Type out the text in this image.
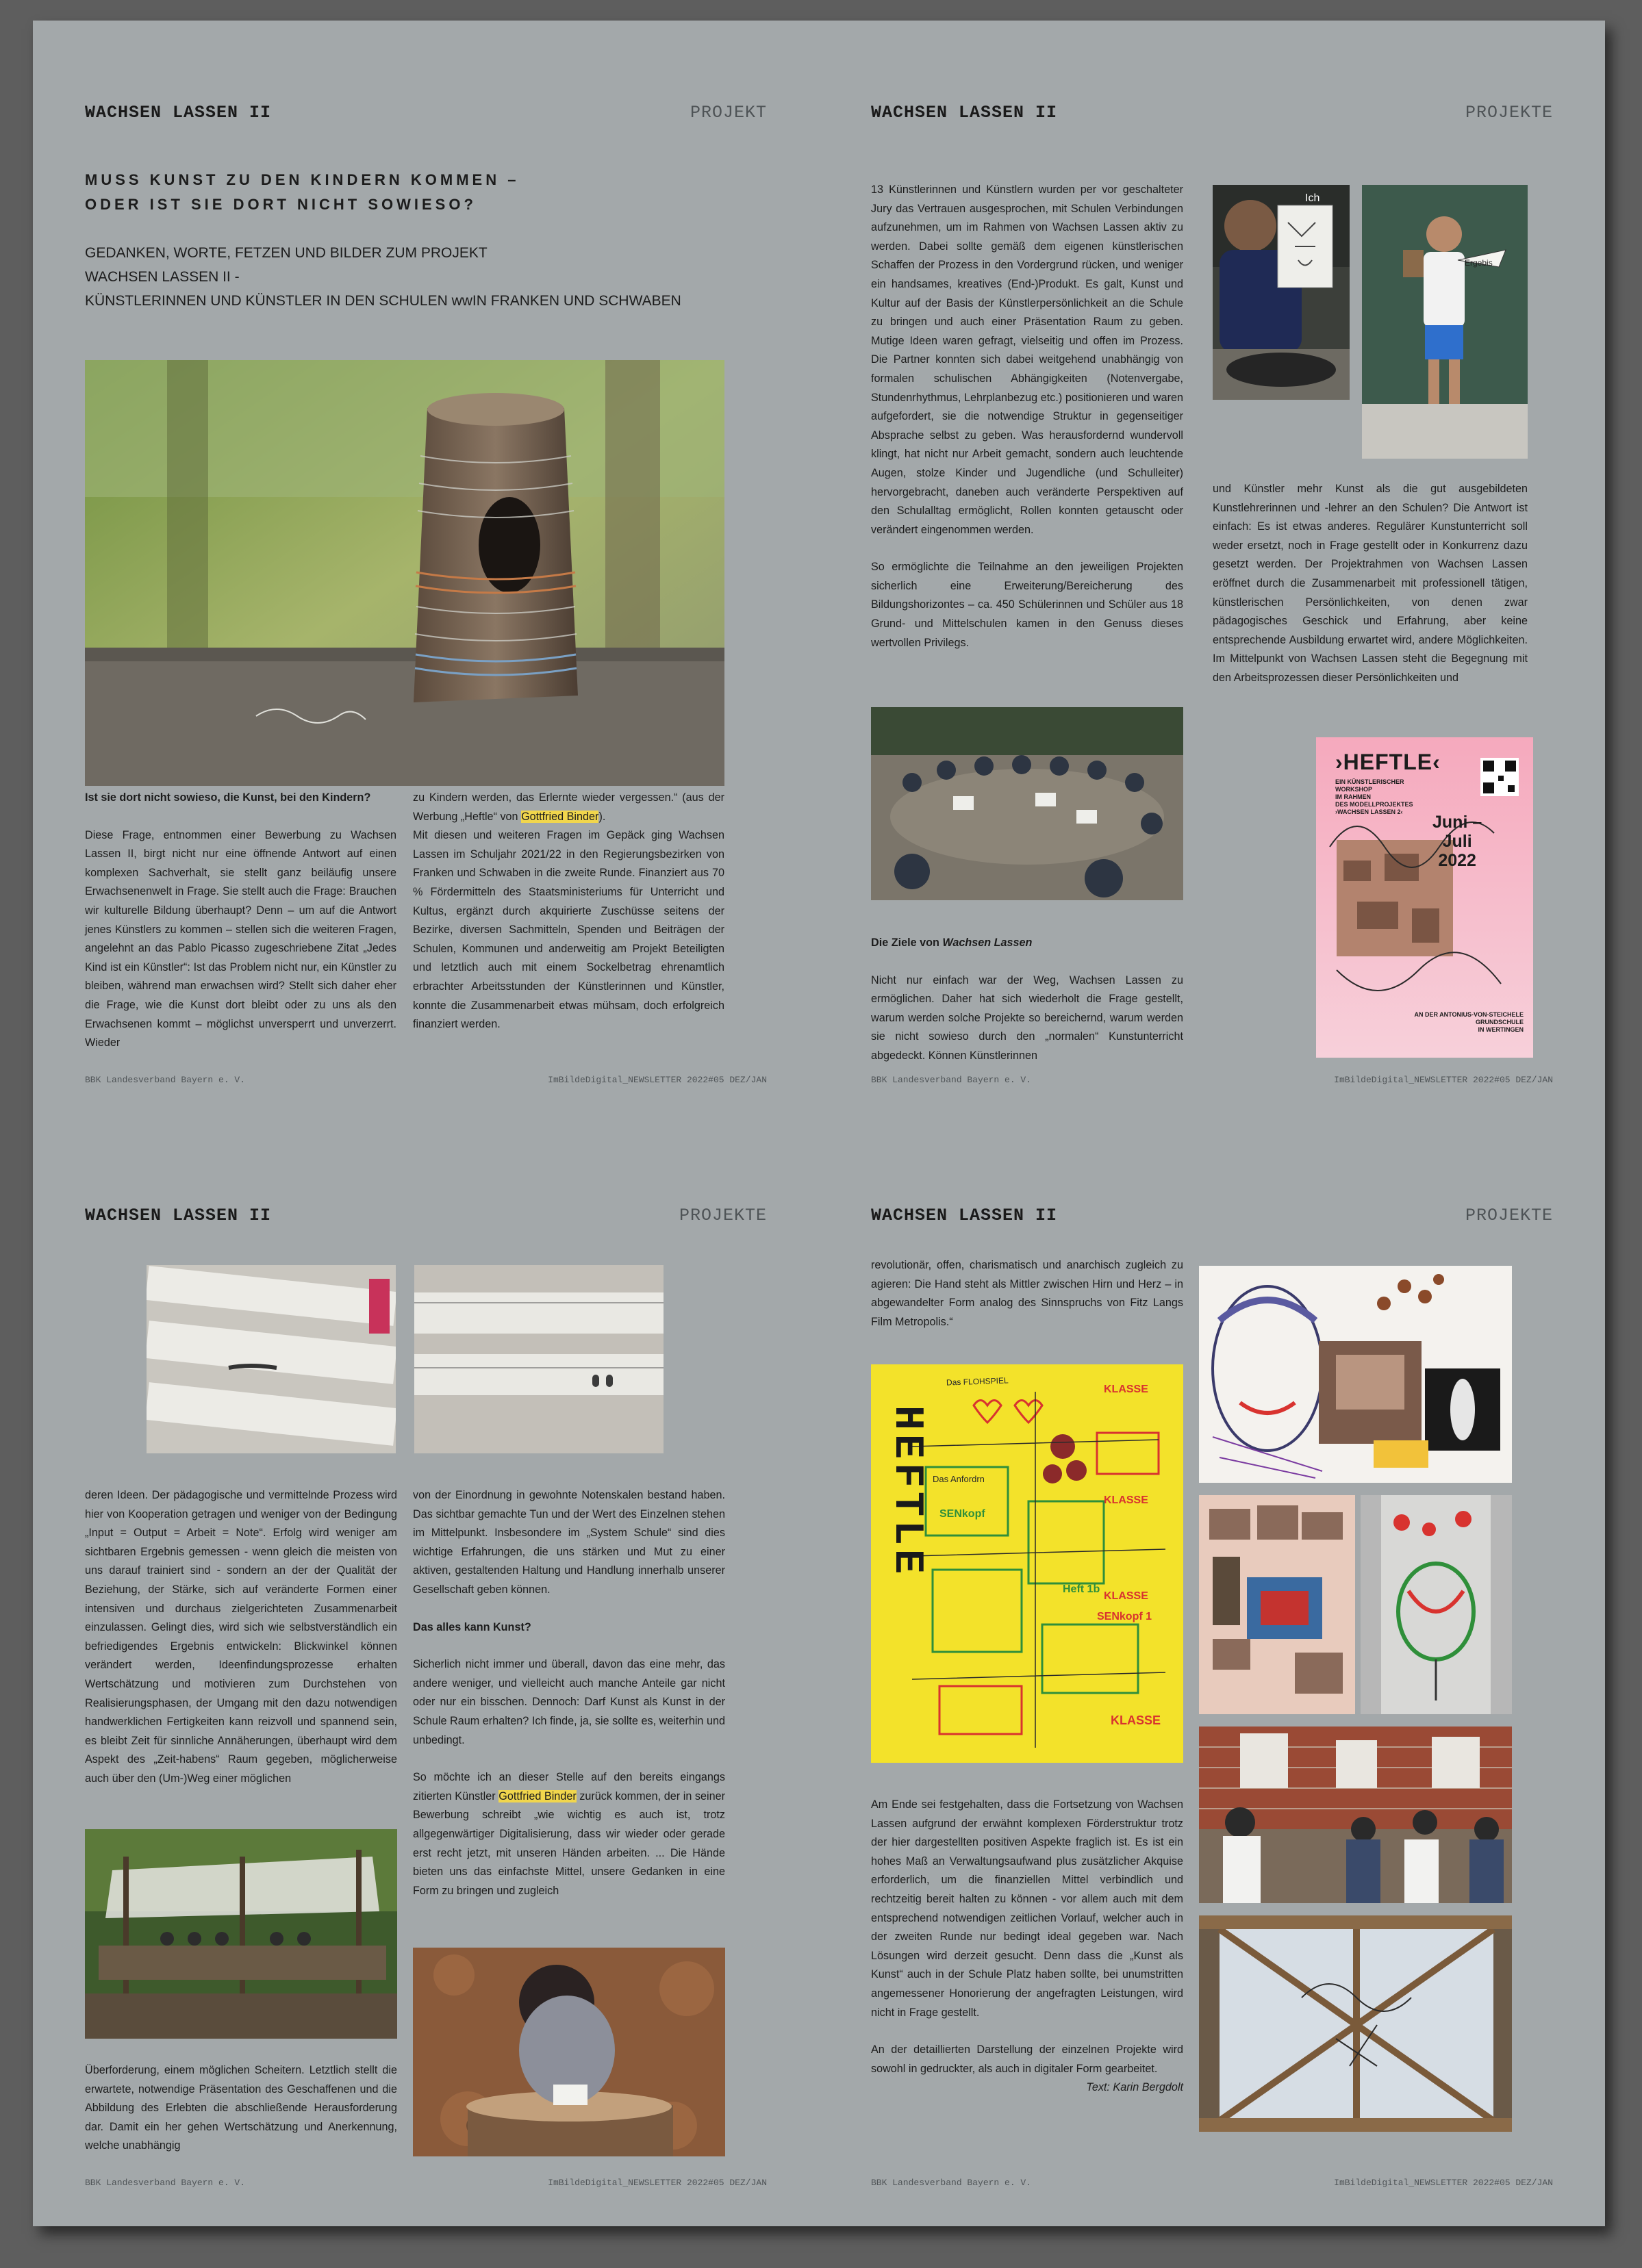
WACHSEN LASSEN II	PROJEKT
MUSS KUNST ZU DEN KINDERN KOMMEN –
ODER IST SIE DORT NICHT SOWIESO?
GEDANKEN, WORTE, FETZEN UND BILDER ZUM PROJEKT
WACHSEN LASSEN II -
KÜNSTLERINNEN UND KÜNSTLER IN DEN SCHULEN wwIN FRANKEN UND SCHWABEN

Ist sie dort nicht sowieso, die Kunst, bei den Kindern?

Diese Frage, entnommen einer Bewerbung zu Wachsen Lassen II, birgt nicht nur eine öffnende Antwort auf einen komplexen Sachverhalt, sie stellt ganz beiläufig unsere Erwachsenenwelt in Frage. Sie stellt auch die Frage: Brauchen wir kulturelle Bildung überhaupt? Denn – um auf die Antwort jenes Künstlers zu kommen – stellen sich die weiteren Fragen, angelehnt an das Pablo Picasso zugeschriebene Zitat „Jedes Kind ist ein Künstler“: Ist das Problem nicht nur, ein Künstler zu bleiben, während man erwachsen wird? Stellt sich daher eher die Frage, wie die Kunst dort bleibt oder zu uns als den Erwachsenen kommt – möglichst unversperrt und unverzerrt. Wieder

zu Kindern werden, das Erlernte wieder vergessen.“ (aus der Werbung „Heftle“ von Gottfried Binder).

Mit diesen und weiteren Fragen im Gepäck ging Wachsen Lassen im Schuljahr 2021/22 in den Regierungsbezirken von Franken und Schwaben in die zweite Runde. Finanziert aus 70 % Fördermitteln des Staatsministeriums für Unterricht und Kultus, ergänzt durch akquirierte Zuschüsse seitens der Bezirke, diversen Sachmitteln, Spenden und Beiträgen der Schulen, Kommunen und anderweitig am Projekt Beteiligten und letztlich auch mit einem Sockelbetrag ehrenamtlich erbrachter Arbeitsstunden der Künstlerinnen und Künstler, konnte die Zusammenarbeit etwas mühsam, doch erfolgreich finanziert werden.

BBK Landesverband Bayern e. V.	ImBildeDigital_NEWSLETTER 2022#05 DEZ/JAN
WACHSEN LASSEN II	PROJEKTE

13 Künstlerinnen und Künstlern wurden per vor geschalteter Jury das Vertrauen ausgesprochen, mit Schulen Verbindungen aufzunehmen, um im Rahmen von Wachsen Lassen aktiv zu werden. Dabei sollte gemäß dem eigenen künstlerischen Schaffen der Prozess in den Vordergrund rücken, und weniger ein handsames, kreatives (End-)Produkt. Es galt, Kunst und Kultur auf der Basis der Künstlerpersönlichkeit an die Schule zu bringen und auch einer Präsentation Raum zu geben. Mutige Ideen waren gefragt, vielseitig und offen im Prozess. Die Partner konnten sich dabei weitgehend unabhängig von formalen schulischen Abhängigkeiten (Notenvergabe, Stundenrhythmus, Lehrplanbezug etc.) positionieren und waren aufgefordert, sie die notwendige Struktur in gegenseitiger Absprache selbst zu geben. Was herausfordernd wundervoll klingt, hat nicht nur Arbeit gemacht, sondern auch leuchtende Augen, stolze Kinder und Jugendliche (und Schulleiter) hervorgebracht, daneben auch veränderte Perspektiven auf den Schulalltag ermöglicht, Rollen konnten getauscht oder verändert eingenommen werden.

So ermöglichte die Teilnahme an den jeweiligen Projekten sicherlich eine Erweiterung/Bereicherung des Bildungshorizontes – ca. 450 Schülerinnen und Schüler aus 18 Grund- und Mittelschulen kamen in den Genuss dieses wertvollen Privilegs.

Ich
Ergebis

und Künstler mehr Kunst als die gut ausgebildeten Kunstlehrerinnen und -lehrer an den Schulen? Die Antwort ist einfach: Es ist etwas anderes. Regulärer Kunstunterricht soll weder ersetzt, noch in Frage gestellt oder in Konkurrenz dazu gesetzt werden. Der Projektrahmen von Wachsen Lassen eröffnet durch die Zusammenarbeit mit professionell tätigen, künstlerischen Persönlichkeiten, von denen zwar pädagogisches Geschick und Erfahrung, aber keine entsprechende Ausbildung erwartet wird, andere Möglichkeiten. Im Mittelpunkt von Wachsen Lassen steht die Begegnung mit den Arbeitsprozessen dieser Persönlichkeiten und

Die Ziele von Wachsen Lassen

Nicht nur einfach war der Weg, Wachsen Lassen zu ermöglichen. Daher hat sich wiederholt die Frage gestellt, warum werden solche Projekte so bereichernd, warum werden sie nicht sowieso durch den „normalen“ Kunstunterricht abgedeckt. Können Künstlerinnen

›HEFTLE‹
EIN KÜNSTLERISCHER
WORKSHOP
IM RAHMEN
DES MODELLPROJEKTES
›WACHSEN LASSEN 2‹
Juni –
Juli
2022
AN DER ANTONIUS-VON-STEICHELE
GRUNDSCHULE
IN WERTINGEN
BBK Landesverband Bayern e. V.	ImBildeDigital_NEWSLETTER 2022#05 DEZ/JAN
WACHSEN LASSEN II	PROJEKTE

deren Ideen. Der pädagogische und vermittelnde Prozess wird hier von Kooperation getragen und weniger von der Bedingung „Input = Output = Arbeit = Note“. Erfolg wird weniger am sichtbaren Ergebnis gemessen - wenn gleich die meisten von uns darauf trainiert sind - sondern an der der Qualität der Beziehung, der Stärke, sich auf veränderte Formen einer intensiven und durchaus zielgerichteten Zusammenarbeit einzulassen. Gelingt dies, wird sich wie selbstverständlich ein befriedigendes Ergebnis entwickeln: Blickwinkel können verändert werden, Ideenfindungsprozesse erhalten Wertschätzung und motivieren zum Durchstehen von Realisierungsphasen, der Umgang mit den dazu notwendigen handwerklichen Fertigkeiten kann reizvoll und spannend sein, es bleibt Zeit für sinnliche Annäherungen, überhaupt wird dem Aspekt des „Zeit-habens“ Raum gegeben, möglicherweise auch über den (Um-)Weg einer möglichen

von der Einordnung in gewohnte Notenskalen bestand haben. Das sichtbar gemachte Tun und der Wert des Einzelnen stehen im Mittelpunkt. Insbesondere im „System Schule“ sind dies wichtige Erfahrungen, die uns stärken und Mut zu einer aktiven, gestaltenden Haltung und Handlung innerhalb unserer Gesellschaft geben können.

Das alles kann Kunst?

Sicherlich nicht immer und überall, davon das eine mehr, das andere weniger, und vielleicht auch manche Anteile gar nicht oder nur ein bisschen. Dennoch: Darf Kunst als Kunst in der Schule Raum erhalten? Ich finde, ja, sie sollte es, weiterhin und unbedingt.

So möchte ich an dieser Stelle auf den bereits eingangs zitierten Künstler Gottfried Binder zurück kommen, der in seiner Bewerbung schreibt „wie wichtig es auch ist, trotz allgegenwärtiger Digitalisierung, dass wir wieder oder gerade erst recht jetzt, mit unseren Händen arbeiten. ... Die Hände bieten uns das einfachste Mittel, unsere Gedanken in eine Form zu bringen und zugleich

Überforderung, einem möglichen Scheitern. Letztlich stellt die erwartete, notwendige Präsentation des Geschaffenen und die Abbildung des Erlebten die abschließende Herausforderung dar. Damit ein her gehen Wertschätzung und Anerkennung, welche unabhängig

BBK Landesverband Bayern e. V.	ImBildeDigital_NEWSLETTER 2022#05 DEZ/JAN
WACHSEN LASSEN II	PROJEKTE

revolutionär, offen, charismatisch und anarchisch zugleich zu agieren: Die Hand steht als Mittler zwischen Hirn und Herz – in abgewandelter Form analog des Sinnspruchs von Fitz Langs Film Metropolis.“

HEFTLE
Das FLOHSPIEL
KLASSE
Das Anfordrn
KLASSE
SENkopf
Heft 1b
KLASSE
SENkopf 1
KLASSE

Am Ende sei festgehalten, dass die Fortsetzung von Wachsen Lassen aufgrund der erwähnt komplexen Förderstruktur trotz der hier dargestellten positiven Aspekte fraglich ist. Es ist ein hohes Maß an Verwaltungsaufwand plus zusätzlicher Akquise erforderlich, um die finanziellen Mittel verbindlich und rechtzeitig bereit halten zu können - vor allem auch mit dem entsprechend notwendigen zeitlichen Vorlauf, welcher auch in der zweiten Runde nur bedingt ideal gegeben war. Nach Lösungen wird derzeit gesucht. Denn dass die „Kunst als Kunst“ auch in der Schule Platz haben sollte, bei unumstritten angemessener Honorierung der angefragten Leistungen, wird nicht in Frage gestellt.

An der detaillierten Darstellung der einzelnen Projekte wird sowohl in gedruckter, als auch in digitaler Form gearbeitet.

Text: Karin Bergdolt

BBK Landesverband Bayern e. V.	ImBildeDigital_NEWSLETTER 2022#05 DEZ/JAN
